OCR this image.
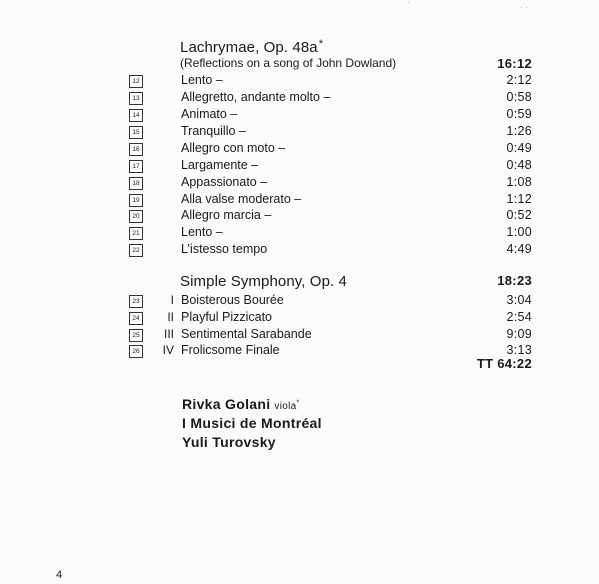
'	. .
Lachrymae, Op. 48a*
(Reflections on a song of John Dowland)	16:12
12	Lento –	2:12
13	Allegretto, andante molto –	0:58
14	Animato –	0:59
15	Tranquillo –	1:26
16	Allegro con moto –	0:49
17	Largamente –	0:48
18	Appassionato –	1:08
19	Alla valse moderato –	1:12
20	Allegro marcia –	0:52
21	Lento –	1:00
22	L’istesso tempo	4:49
Simple Symphony, Op. 4	18:23
23	I Boisterous Bourée	3:04
24	II Playful Pizzicato	2:54
25	III Sentimental Sarabande	9:09
26	IV Frolicsome Finale	3:13
TT 64:22
Rivka Golani viola*
I Musici de Montréal
Yuli Turovsky
4
